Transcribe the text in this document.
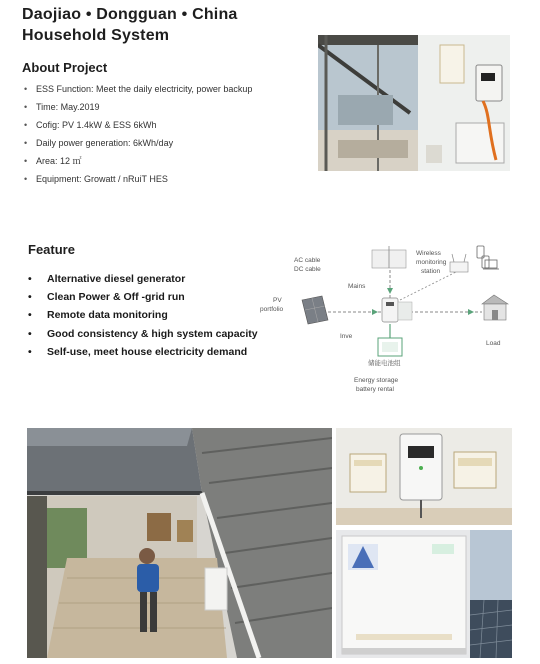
Daojiao • Dongguan • China
Household System
About Project
• ESS Function: Meet the daily electricity, power backup
• Time: May.2019
• Cofig: PV 1.4kW & ESS 6kWh
• Daily power generation: 6kWh/day
• Area: 12 ㎡
• Equipment: Growatt / nRuiT HES
Feature
• Alternative diesel generator
• Clean Power & Off -grid run
• Remote data monitoring
• Good consistency & high system capacity
• Self-use, meet house electricity demand
AC cable
DC cable
Wireless
monitoring
station
Mains
PV
portfolio
Inve
储能电池组
Load
Energy storage
battery rental
